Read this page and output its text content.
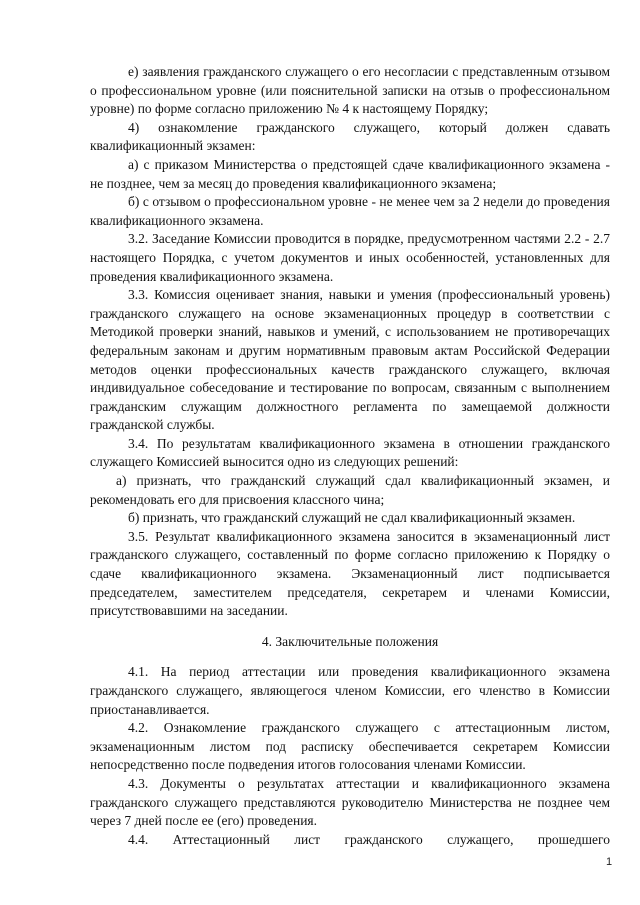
е) заявления гражданского служащего о его несогласии с представленным отзывом о профессиональном уровне (или пояснительной записки на отзыв о профессиональном уровне) по форме согласно приложению № 4 к настоящему Порядку;

4) ознакомление гражданского служащего, который должен сдавать квалификационный экзамен:

а) с приказом Министерства о предстоящей сдаче квалификационного экзамена - не позднее, чем за месяц до проведения квалификационного экзамена;

б) с отзывом о профессиональном уровне - не менее чем за 2 недели до проведения квалификационного экзамена.

3.2. Заседание Комиссии проводится в порядке, предусмотренном частями 2.2 - 2.7 настоящего Порядка, с учетом документов и иных особенностей, установленных для проведения квалификационного экзамена.

3.3. Комиссия оценивает знания, навыки и умения (профессиональный уровень) гражданского служащего на основе экзаменационных процедур в соответствии с Методикой проверки знаний, навыков и умений, с использованием не противоречащих федеральным законам и другим нормативным правовым актам Российской Федерации методов оценки профессиональных качеств гражданского служащего, включая индивидуальное собеседование и тестирование по вопросам, связанным с выполнением гражданским служащим должностного регламента по замещаемой должности гражданской службы.

3.4. По результатам квалификационного экзамена в отношении гражданского служащего Комиссией выносится одно из следующих решений:

а) признать, что гражданский служащий сдал квалификационный экзамен, и рекомендовать его для присвоения классного чина;

б) признать, что гражданский служащий не сдал квалификационный экзамен.

3.5. Результат квалификационного экзамена заносится в экзаменационный лист гражданского служащего, составленный по форме согласно приложению к Порядку о сдаче квалификационного экзамена. Экзаменационный лист подписывается председателем, заместителем председателя, секретарем и членами Комиссии, присутствовавшими на заседании.

4. Заключительные положения

4.1. На период аттестации или проведения квалификационного экзамена гражданского служащего, являющегося членом Комиссии, его членство в Комиссии приостанавливается.

4.2. Ознакомление гражданского служащего с аттестационным листом, экзаменационным листом под расписку обеспечивается секретарем Комиссии непосредственно после подведения итогов голосования членами Комиссии.

4.3. Документы о результатах аттестации и квалификационного экзамена гражданского служащего представляются руководителю Министерства не позднее чем через 7 дней после ее (его) проведения.

4.4. Аттестационный лист гражданского служащего, прошедшего

1
